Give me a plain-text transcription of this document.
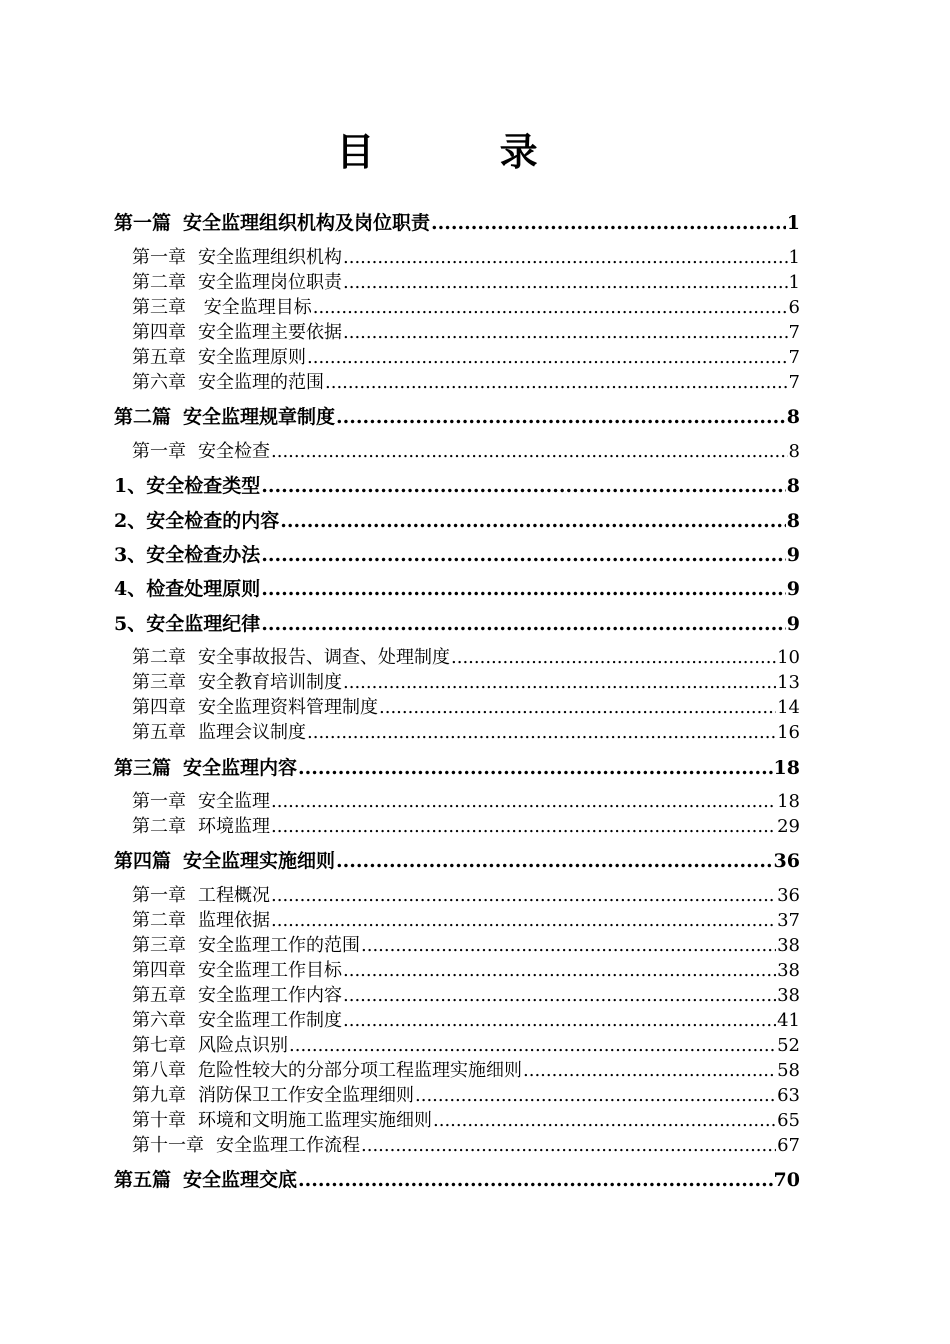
目 录
第一篇 安全监理组织机构及岗位职责 .....	1
第一章 安全监理组织机构 .....	1
第二章 安全监理岗位职责 .....	1
第三章 安全监理目标 .....	6
第四章 安全监理主要依据 .....	7
第五章 安全监理原则 .....	7
第六章 安全监理的范围 .....	7
第二篇 安全监理规章制度 .....	8
第一章 安全检查 .....	8
1、安全检查类型 .....	8
2、安全检查的内容 .....	8
3、安全检查办法 .....	9
4、检查处理原则 .....	9
5、安全监理纪律 .....	9
第二章 安全事故报告、调查、处理制度 .....	10
第三章 安全教育培训制度 .....	13
第四章 安全监理资料管理制度 .....	14
第五章 监理会议制度 .....	16
第三篇 安全监理内容 .....	18
第一章 安全监理 .....	18
第二章 环境监理 .....	29
第四篇 安全监理实施细则 .....	36
第一章 工程概况 .....	36
第二章 监理依据 .....	37
第三章 安全监理工作的范围 .....	38
第四章 安全监理工作目标 .....	38
第五章 安全监理工作内容 .....	38
第六章 安全监理工作制度 .....	41
第七章 风险点识别 .....	52
第八章 危险性较大的分部分项工程监理实施细则 .....	58
第九章 消防保卫工作安全监理细则 .....	63
第十章 环境和文明施工监理实施细则 .....	65
第十一章 安全监理工作流程 .....	67
第五篇 安全监理交底 .....	70
